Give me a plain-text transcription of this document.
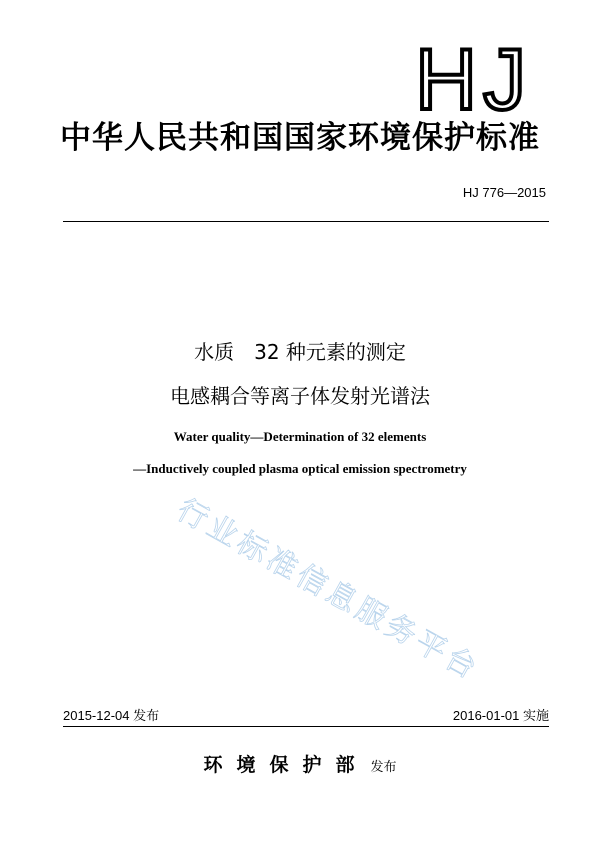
HJ
中华人民共和国国家环境保护标准
HJ 776—2015
水质　32 种元素的测定
电感耦合等离子体发射光谱法
Water quality—Determination of 32 elements
—Inductively coupled plasma optical emission spectrometry
行业标准信息服务平台
2015-12-04 发布	2016-01-01 实施
环境保护部 发布
